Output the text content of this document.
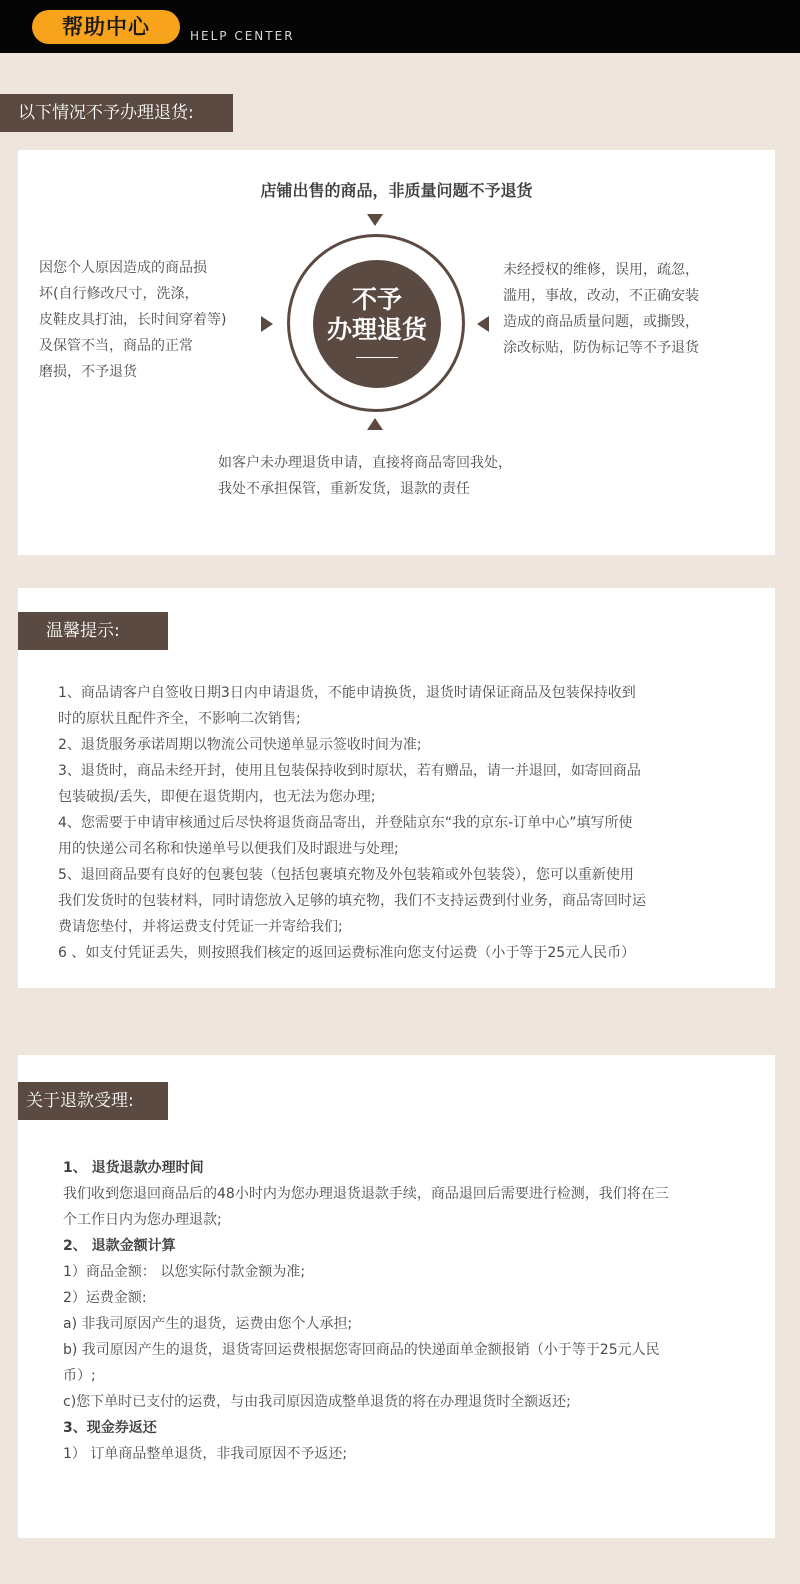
帮助中心	HELP CENTER
以下情况不予办理退货:
店铺出售的商品，非质量问题不予退货
不予
办理退货
因您个人原因造成的商品损
坏(自行修改尺寸，洗涤，
皮鞋皮具打油，长时间穿着等)
及保管不当，商品的正常
磨损，不予退货
未经授权的维修，误用，疏忽，
滥用，事故，改动，不正确安装
造成的商品质量问题，或撕毁，
涂改标贴，防伪标记等不予退货
如客户未办理退货申请，直接将商品寄回我处，
我处不承担保管，重新发货，退款的责任
温馨提示:
1、商品请客户自签收日期3日内申请退货，不能申请换货，退货时请保证商品及包装保持收到
时的原状且配件齐全，不影响二次销售;
2、退货服务承诺周期以物流公司快递单显示签收时间为准;
3、退货时，商品未经开封，使用且包装保持收到时原状，若有赠品，请一并退回，如寄回商品
包装破损/丢失，即便在退货期内，也无法为您办理;
4、您需要于申请审核通过后尽快将退货商品寄出，并登陆京东“我的京东-订单中心”填写所使
用的快递公司名称和快递单号以便我们及时跟进与处理;
5、退回商品要有良好的包裹包装（包括包裹填充物及外包装箱或外包装袋），您可以重新使用
我们发货时的包装材料，同时请您放入足够的填充物，我们不支持运费到付业务，商品寄回时运
费请您垫付，并将运费支付凭证一并寄给我们;
6 、如支付凭证丢失，则按照我们核定的返回运费标准向您支付运费（小于等于25元人民币）
关于退款受理:
1、 退货退款办理时间
我们收到您退回商品后的48小时内为您办理退货退款手续，商品退回后需要进行检测，我们将在三
个工作日内为您办理退款;
2、 退款金额计算
1）商品金额： 以您实际付款金额为准;
2）运费金额:
a) 非我司原因产生的退货，运费由您个人承担;
b) 我司原因产生的退货，退货寄回运费根据您寄回商品的快递面单金额报销（小于等于25元人民
币）;
c)您下单时已支付的运费，与由我司原因造成整单退货的将在办理退货时全额返还;
3、现金券返还
1） 订单商品整单退货，非我司原因不予返还;
